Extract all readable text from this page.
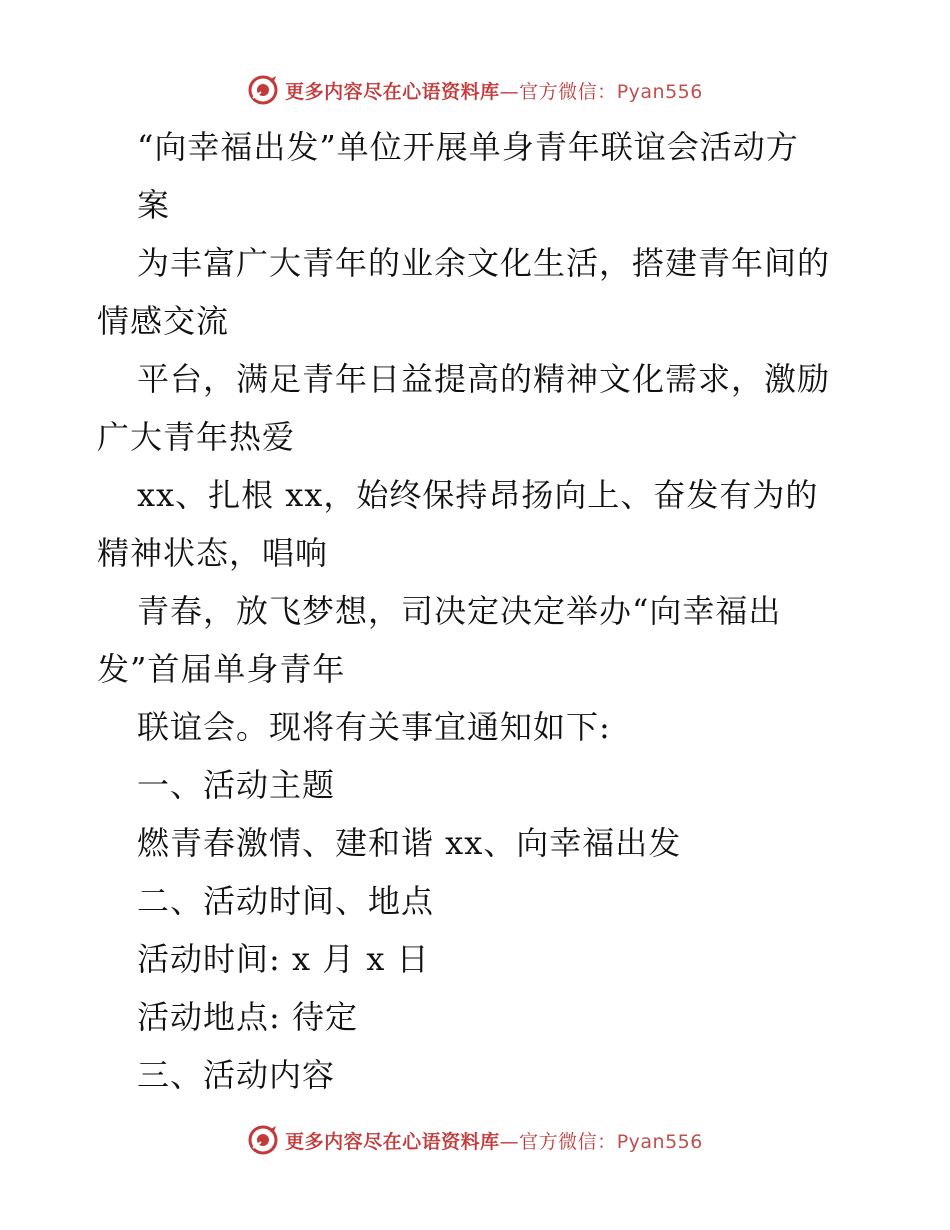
更多内容尽在心语资料库—官方微信：Pyan556
“向幸福出发”单位开展单身青年联谊会活动方
案
为丰富广大青年的业余文化生活，搭建青年间的
情感交流
平台，满足青年日益提高的精神文化需求，激励
广大青年热爱
xx、扎根 xx，始终保持昂扬向上、奋发有为的
精神状态，唱响
青春，放飞梦想，司决定决定举办“向幸福出
发”首届单身青年
联谊会。现将有关事宜通知如下:
一、活动主题
燃青春激情、建和谐 xx、向幸福出发
二、活动时间、地点
活动时间: x 月 x 日
活动地点: 待定
三、活动内容
更多内容尽在心语资料库—官方微信：Pyan556
